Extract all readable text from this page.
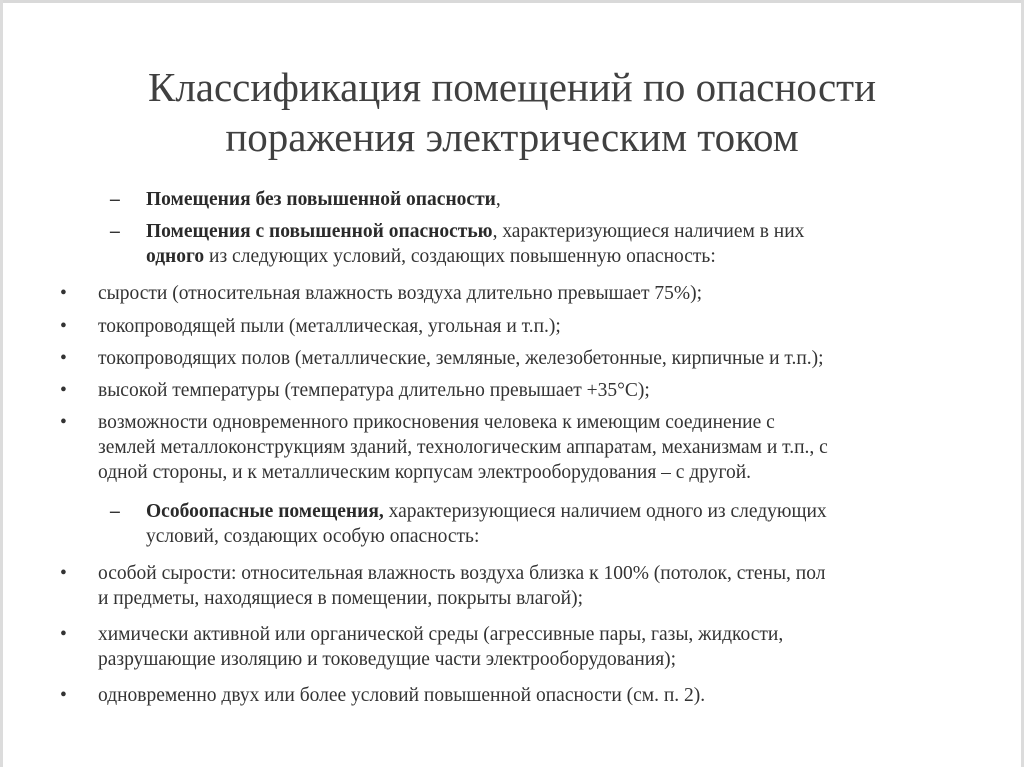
Классификация помещений по опасности
поражения электрическим током
– Помещения без повышенной опасности,
– Помещения с повышенной опасностью, характеризующиеся наличием в них
одного из следующих условий, создающих повышенную опасность:
• сырости (относительная влажность воздуха длительно превышает 75%);
• токопроводящей пыли (металлическая, угольная и т.п.);
• токопроводящих полов (металлические, земляные, железобетонные, кирпичные и т.п.);
• высокой температуры (температура длительно превышает +35°С);
• возможности одновременного прикосновения человека к имеющим соединение с
землей металлоконструкциям зданий, технологическим аппаратам, механизмам и т.п., с
одной стороны, и к металлическим корпусам электрооборудования – с другой.
– Особоопасные помещения, характеризующиеся наличием одного из следующих
условий, создающих особую опасность:
• особой сырости: относительная влажность воздуха близка к 100% (потолок, стены, пол
и предметы, находящиеся в помещении, покрыты влагой);
• химически активной или органической среды (агрессивные пары, газы, жидкости,
разрушающие изоляцию и токоведущие части электрооборудования);
• одновременно двух или более условий повышенной опасности (см. п. 2).
